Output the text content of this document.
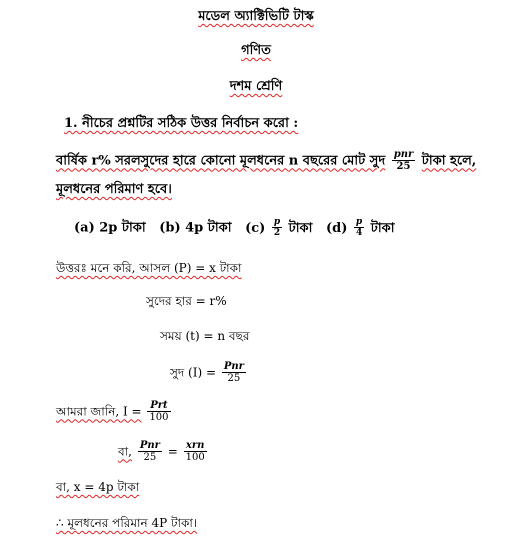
মডেল অ্যাক্টিভিটি টাস্ক
গণিত
দশম শ্রেণি
1. নীচের প্রশ্নটির সঠিক উত্তর নির্বাচন করো :
বার্ষিক r% সরলসুদের হারে কোনো মূলধনের n বছরের মোট সুদ $\frac{\text{pnr}}{25}$ টাকা হলে,
মূলধনের পরিমাণ হবে।
(a) 2p টাকা (b) 4p টাকা $(c) \frac{p}{2}$ টাকা $(d) \frac{p}{4}$ টাকা
উত্তরঃ মনে করি, আসল (P) = x টাকা
সুদের হার = r%
সময় (t) = n বছর
সুদ $(I) = \frac{\text{Pnr}}{25}$
আমরা জানি, $I = \frac{\text{Prt}}{100}$
বা, $\frac{\text{Pnr}}{25} = \frac{\text{xrn}}{100}$
বা, x = 4p টাকা
∴ মূলধনের পরিমান 4P টাকা।
